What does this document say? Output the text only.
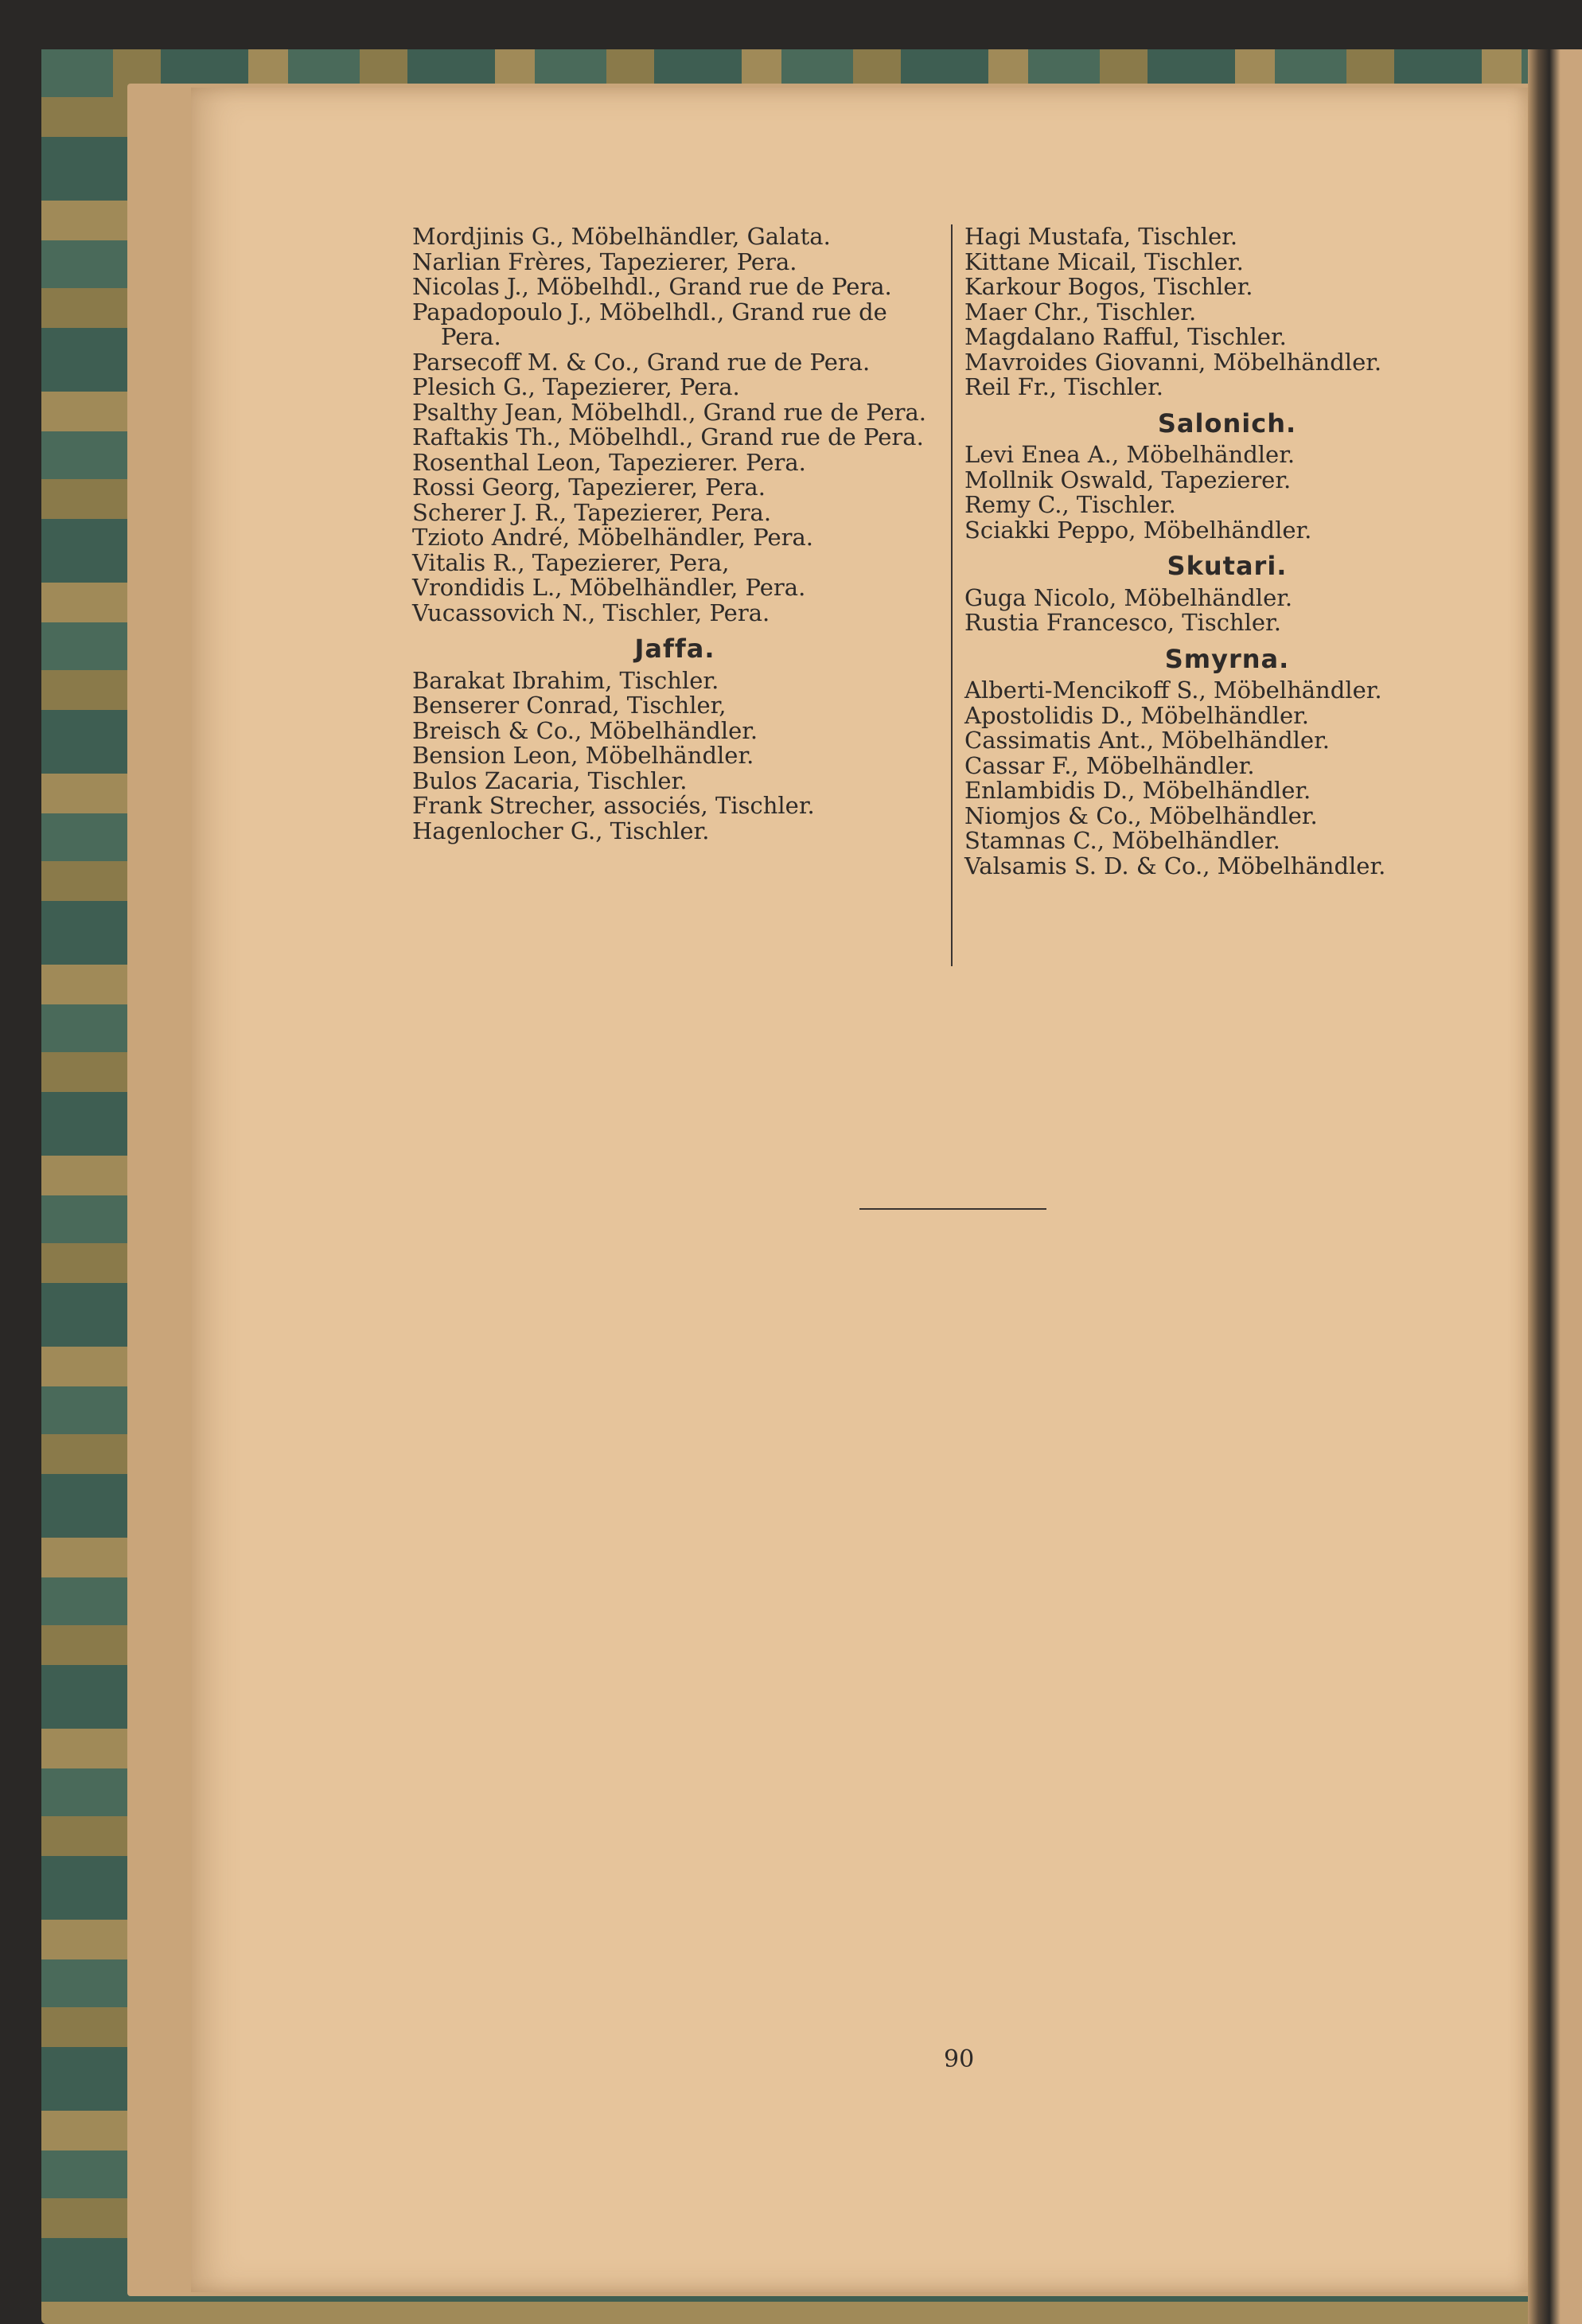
Mordjinis G., Möbelhändler, Galata.

Narlian Frères, Tapezierer, Pera.

Nicolas J., Möbelhdl., Grand rue de Pera.

Papadopoulo J., Möbelhdl., Grand rue de Pera.

Parsecoff M. & Co., Grand rue de Pera.

Plesich G., Tapezierer, Pera.

Psalthy Jean, Möbelhdl., Grand rue de Pera.

Raftakis Th., Möbelhdl., Grand rue de Pera.

Rosenthal Leon, Tapezierer. Pera.

Rossi Georg, Tapezierer, Pera.

Scherer J. R., Tapezierer, Pera.

Tzioto André, Möbelhändler, Pera.

Vitalis R., Tapezierer, Pera,

Vrondidis L., Möbelhändler, Pera.

Vucassovich N., Tischler, Pera.

Jaffa.

Barakat Ibrahim, Tischler.

Benserer Conrad, Tischler,

Breisch & Co., Möbelhändler.

Bension Leon, Möbelhändler.

Bulos Zacaria, Tischler.

Frank Strecher, associés, Tischler.

Hagenlocher G., Tischler.

Hagi Mustafa, Tischler.

Kittane Micail, Tischler.

Karkour Bogos, Tischler.

Maer Chr., Tischler.

Magdalano Rafful, Tischler.

Mavroides Giovanni, Möbelhändler.

Reil Fr., Tischler.

Salonich.

Levi Enea A., Möbelhändler.

Mollnik Oswald, Tapezierer.

Remy C., Tischler.

Sciakki Peppo, Möbelhändler.

Skutari.

Guga Nicolo, Möbelhändler.

Rustia Francesco, Tischler.

Smyrna.

Alberti-Mencikoff S., Möbelhändler.

Apostolidis D., Möbelhändler.

Cassimatis Ant., Möbelhändler.

Cassar F., Möbelhändler.

Enlambidis D., Möbelhändler.

Niomjos & Co., Möbelhändler.

Stamnas C., Möbelhändler.

Valsamis S. D. & Co., Möbelhändler.

90
